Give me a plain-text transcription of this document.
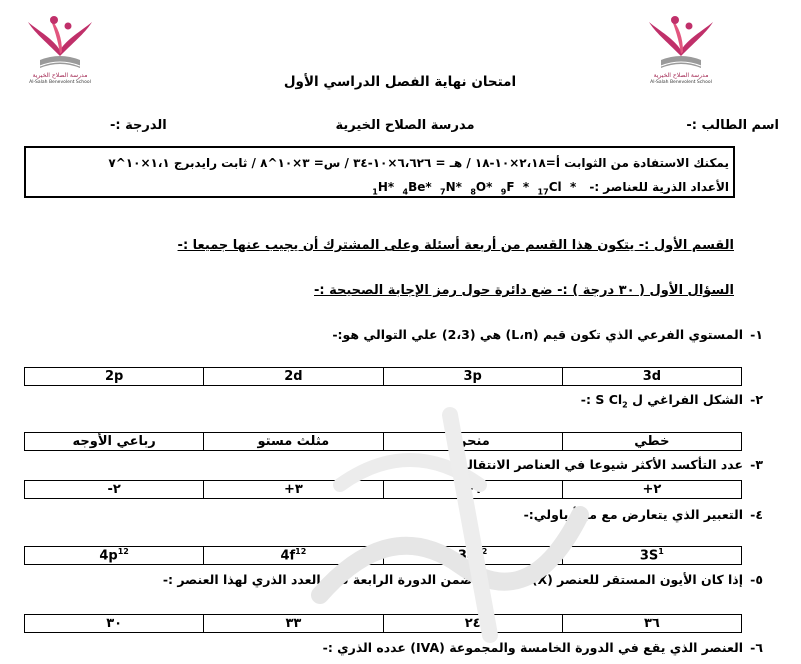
مدرسة الصلاح الخيرية
Al-Salah Benevolent School
مدرسة الصلاح الخيرية
Al-Salah Benevolent School
امتحان نهاية الفصل الدراسي الأول
اسم الطالب :-
مدرسة الصلاح الخيرية
الدرجة :-
يمكنك الاستفادة من الثوابت أ=٢،١٨×١٠-١٨ / هـ = ٦،٦٢٦×١٠-٣٤ / س= ٣×١٠^٨ / ثابت رايدبرج ١،١×١٠^٧
الأعداد الذرية للعناصر :- $_1$H* $_4$Be* $_7$N* $_8$O* $_9$F  * $_{17}$Cl  *
القسم الأول :- يتكون هذا القسم من أربعة أسئلة وعلى المشترك أن يجيب عنها جميعا :-
السؤال الأول ( ٣٠ درجة ) :- ضع دائرة حول رمز الإجابة الصحيحة :-
المستوي الفرعي الذي تكون قيم (L،n) هي (2،3) علي التوالي هو:- -١
2p	2d	3p	3d
الشكل الفراغي ل S $Cl_2$ :-	-٢
رباعي الأوجه	مثلث مستو	منحن	خطي
عدد التأكسد الأكثر شيوعا في العناصر الانتقالية :- -٣
-٢	+٣	+١	+٢
التعبير الذي يتعارض مع مبدأ باولي:- -٤
$4p^{12}$	$4f^{12}$	$3d^{12}$	$3S^1$
إذا كان الأيون المستقر للعنصر (X) هو $(X^{-3})$ ضمن الدورة الرابعة فان العدد الذري لهذا العنصر :-	-٥
٣٠	٣٣	٢٤	٣٦
العنصر الذي يقع في الدورة الخامسة والمجموعة (IVA) عدده الذري :- -٦
